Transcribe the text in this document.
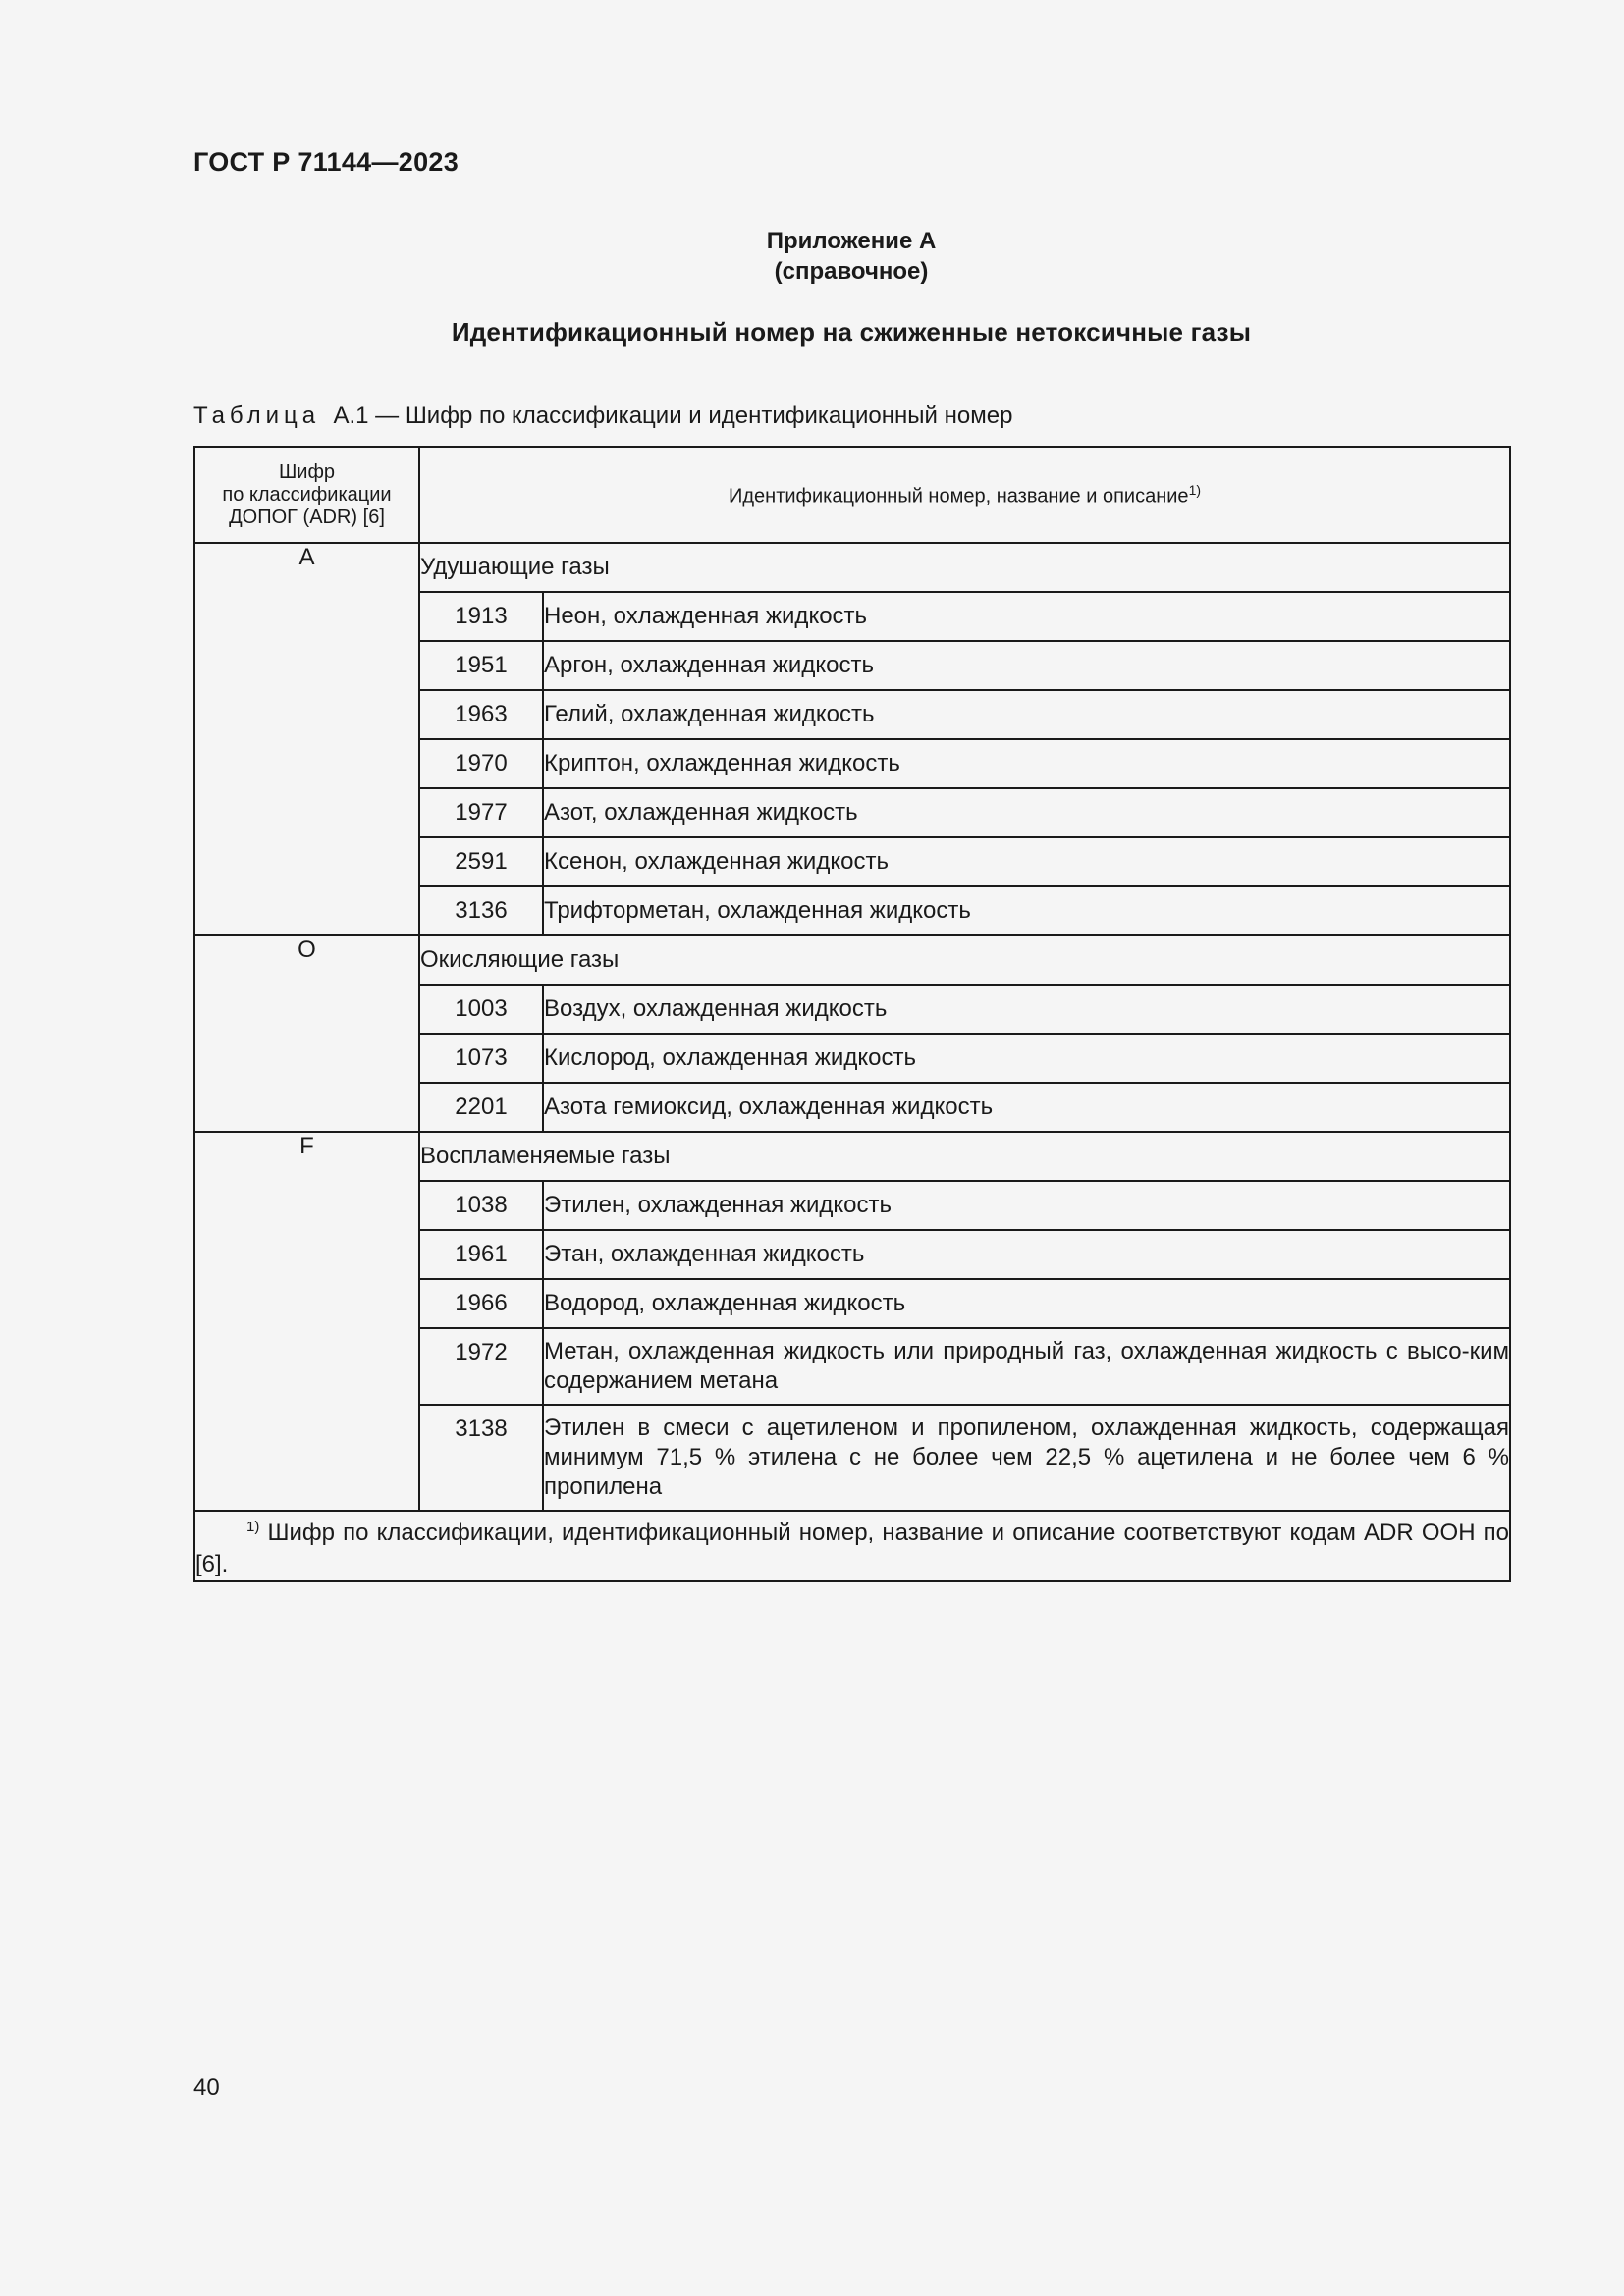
ГОСТ Р 71144—2023
Приложение А
(справочное)
Идентификационный номер на сжиженные нетоксичные газы
Таблица А.1 — Шифр по классификации и идентификационный номер
Шифр
по классификации
ДОПОГ (ADR) [6]	Идентификационный номер, название и описание$^{1)}$
A	Удушающие газы	
	1913	Неон, охлажденная жидкость
	1951	Аргон, охлажденная жидкость
	1963	Гелий, охлажденная жидкость
	1970	Криптон, охлажденная жидкость
	1977	Азот, охлажденная жидкость
	2591	Ксенон, охлажденная жидкость
	3136	Трифторметан, охлажденная жидкость
O	Окисляющие газы	
	1003	Воздух, охлажденная жидкость
	1073	Кислород, охлажденная жидкость
	2201	Азота гемиоксид, охлажденная жидкость
F	Воспламеняемые газы	
	1038	Этилен, охлажденная жидкость
	1961	Этан, охлажденная жидкость
	1966	Водород, охлажденная жидкость
	1972	Метан, охлажденная жидкость или природный газ, охлажденная жидкость с высо-ким содержанием метана
	3138	Этилен в смеси с ацетиленом и пропиленом, охлажденная жидкость, содержащая минимум 71,5 % этилена с не более чем 22,5 % ацетилена и не более чем 6 % пропилена
$^{1)}$ Шифр по классификации, идентификационный номер, название и описание соответствуют кодам ADR ООН по [6].		
40
